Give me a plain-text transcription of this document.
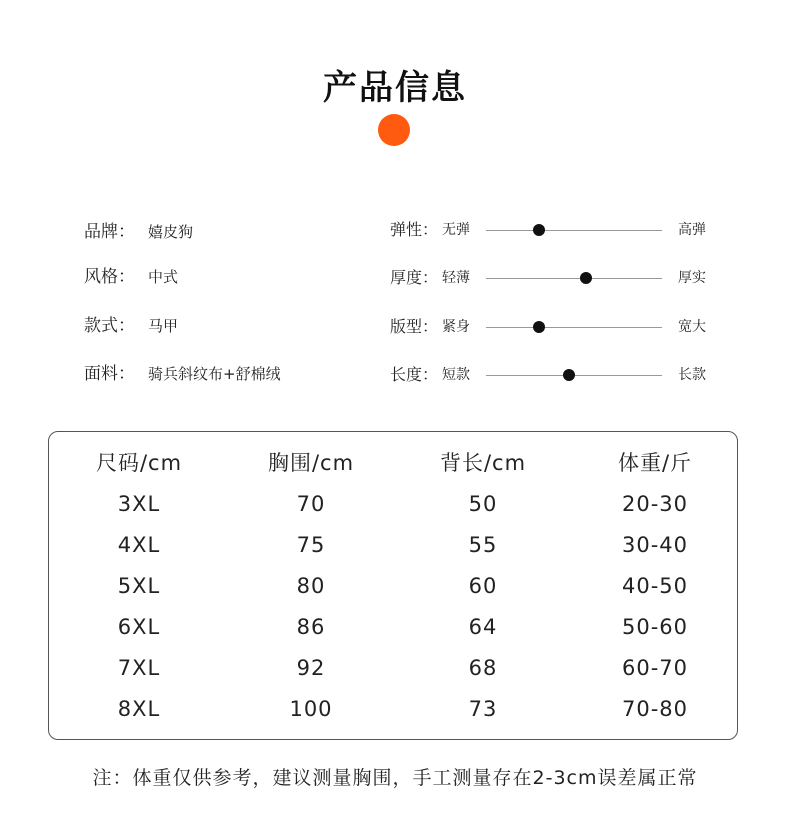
产品信息
品牌： 嬉皮狗
风格： 中式
款式： 马甲
面料： 骑兵斜纹布+舒棉绒
弹性： 无弹	高弹
厚度： 轻薄	厚实
版型： 紧身	宽大
长度： 短款	长款
尺码/cm	胸围/cm	背长/cm	体重/斤
3XL	70	50	20-30
4XL	75	55	30-40
5XL	80	60	40-50
6XL	86	64	50-60
7XL	92	68	60-70
8XL	100	73	70-80
注：体重仅供参考，建议测量胸围，手工测量存在2-3cm误差属正常
